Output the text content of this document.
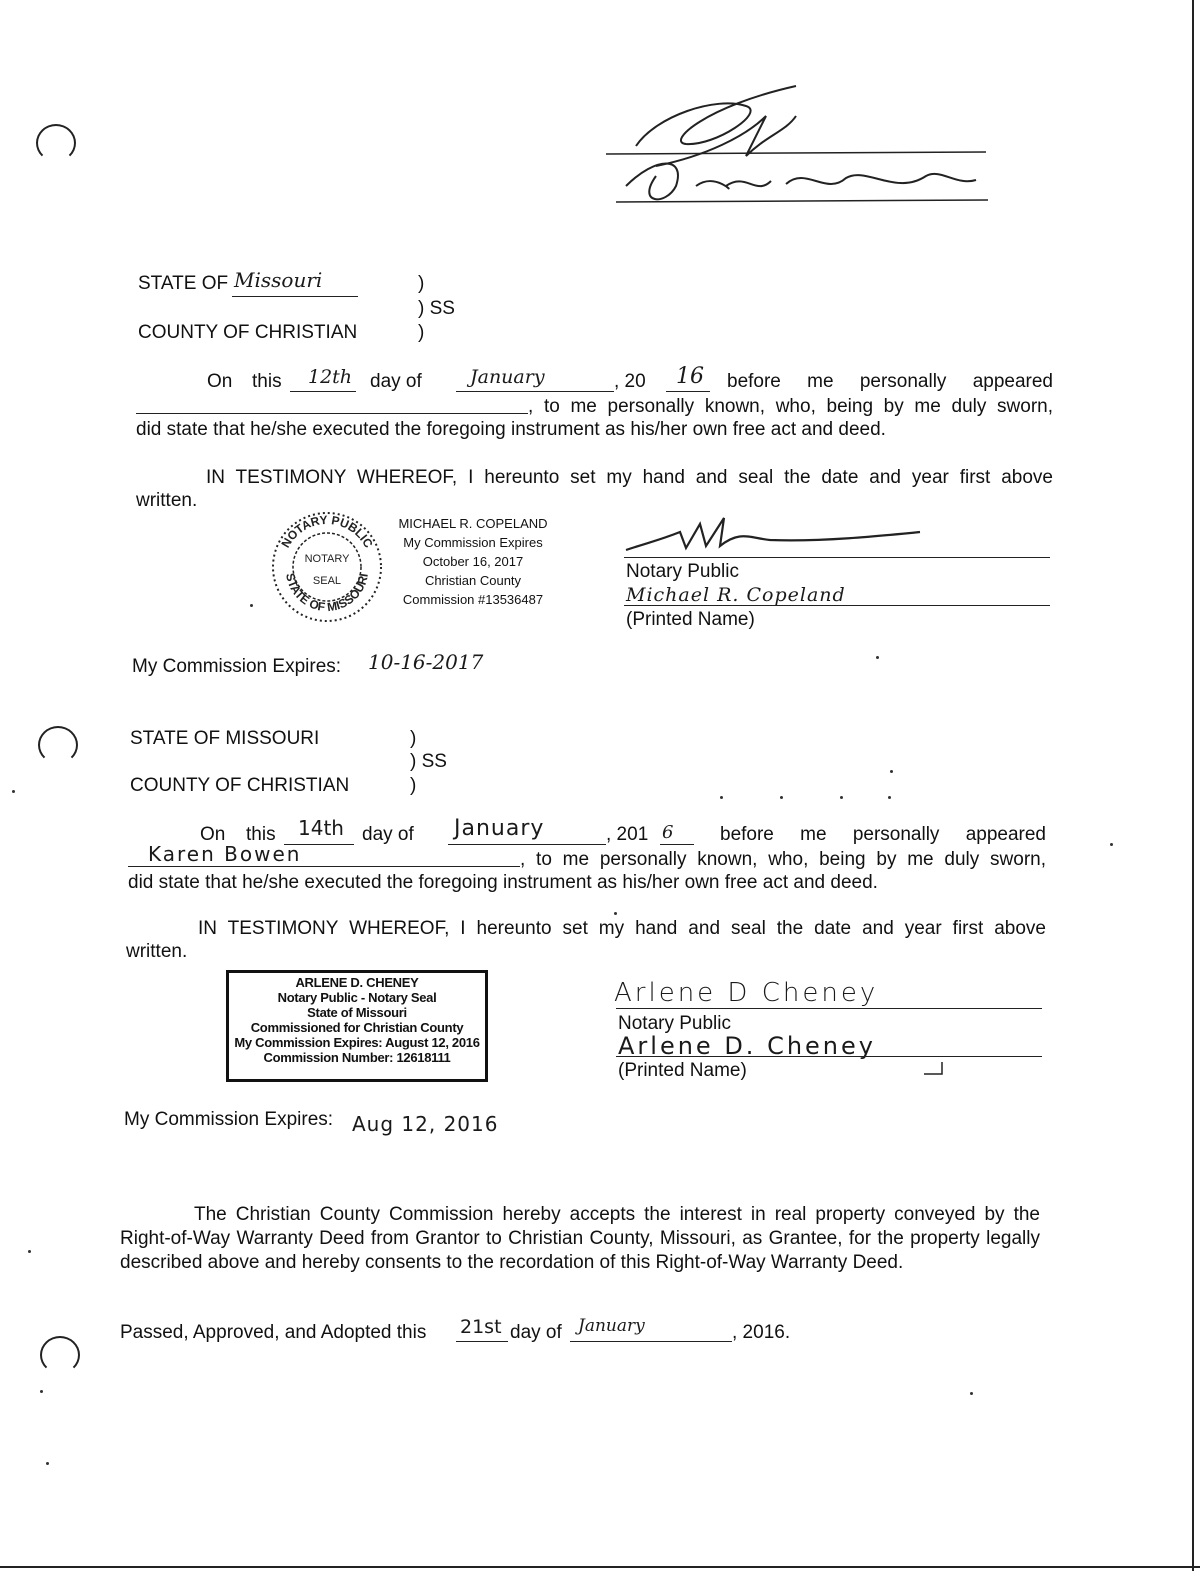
STATE OF Missouri	)
) SS
COUNTY OF CHRISTIAN	)
On this 12th day of	January	, 20 16 before me personally appeared
, to me personally known, who, being by me duly sworn,
did state that he/she executed the foregoing instrument as his/her own free act and deed.
IN TESTIMONY WHEREOF, I hereunto set my hand and seal the date and year first above
written.
NOTARY PUBLIC
STATE OF MISSOURI
NOTARY
SEAL
MICHAEL R. COPELAND
My Commission Expires
October 16, 2017
Christian County
Commission #13536487
Notary Public
Michael R. Copeland
(Printed Name)
My Commission Expires: 10-16-2017
STATE OF MISSOURI	)
) SS
COUNTY OF CHRISTIAN	)
On this 14th day of January	, 201 6 before me personally appeared
Karen Bowen	, to me personally known, who, being by me duly sworn,
did state that he/she executed the foregoing instrument as his/her own free act and deed.
IN TESTIMONY WHEREOF, I hereunto set my hand and seal the date and year first above
written.
ARLENE D. CHENEY
Notary Public - Notary Seal
State of Missouri
Commissioned for Christian County
My Commission Expires: August 12, 2016
Commission Number: 12618111
Arlene D Cheney
Notary Public
Arlene D. Cheney
(Printed Name)
My Commission Expires: Aug 12, 2016
The Christian County Commission hereby accepts the interest in real property conveyed by the Right-of-Way Warranty Deed from Grantor to Christian County, Missouri, as Grantee, for the property legally described above and hereby consents to the recordation of this Right-of-Way Warranty Deed.
Passed, Approved, and Adopted this 21st day of January	, 2016.
